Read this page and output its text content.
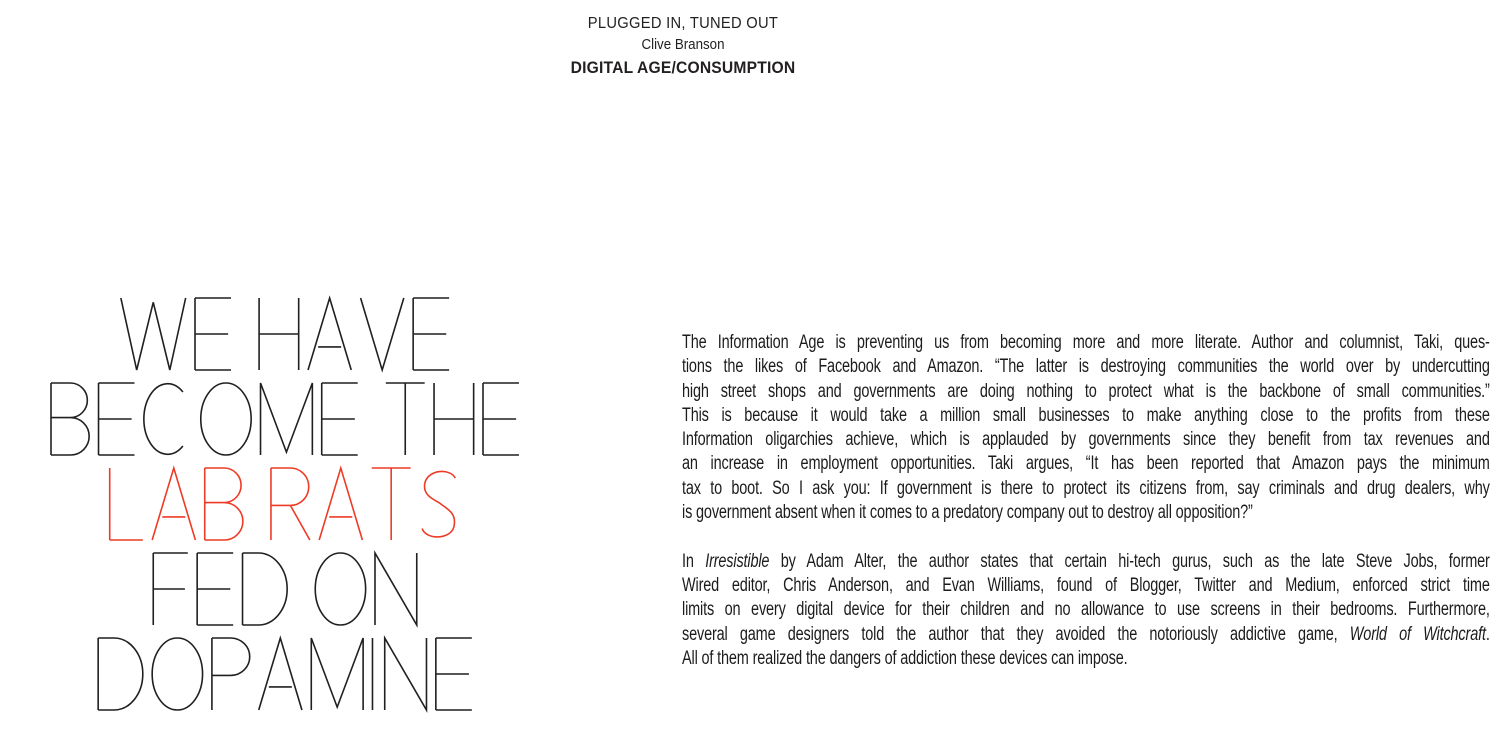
PLUGGED IN, TUNED OUT
Clive Branson
DIGITAL AGE/CONSUMPTION
The Information Age is preventing us from becoming more and more literate. Author and columnist, Taki, ques-
tions the likes of Facebook and Amazon. “The latter is destroying communities the world over by undercutting
high street shops and governments are doing nothing to protect what is the backbone of small communities.”
This is because it would take a million small businesses to make anything close to the profits from these
Information oligarchies achieve, which is applauded by governments since they benefit from tax revenues and
an increase in employment opportunities. Taki argues, “It has been reported that Amazon pays the minimum
tax to boot. So I ask you: If government is there to protect its citizens from, say criminals and drug dealers, why
is government absent when it comes to a predatory company out to destroy all opposition?”
In Irresistible by Adam Alter, the author states that certain hi-tech gurus, such as the late Steve Jobs, former
Wired editor, Chris Anderson, and Evan Williams, found of Blogger, Twitter and Medium, enforced strict time
limits on every digital device for their children and no allowance to use screens in their bedrooms. Furthermore,
several game designers told the author that they avoided the notoriously addictive game, World of Witchcraft.
All of them realized the dangers of addiction these devices can impose.
